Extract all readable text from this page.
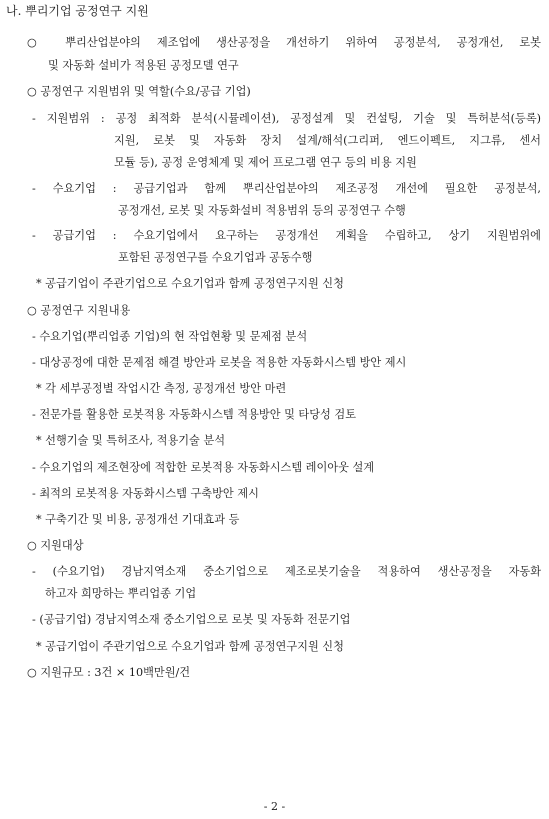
나. 뿌리기업 공정연구 지원
○ 뿌리산업분야의 제조업에 생산공정을 개선하기 위하여 공정분석, 공정개선, 로봇
및 자동화 설비가 적용된 공정모델 연구
○ 공정연구 지원범위 및 역할(수요/공급 기업)
- 지원범위 : 공정 최적화 분석(시뮬레이션), 공정설계 및 컨설팅, 기술 및 특허분석(등록)
지원, 로봇 및 자동화 장치 설계/해석(그리퍼, 엔드이펙트, 지그류, 센서
모듈 등), 공정 운영체계 및 제어 프로그램 연구 등의 비용 지원
- 수요기업 : 공급기업과 함께 뿌리산업분야의 제조공정 개선에 필요한 공정분석,
공정개선, 로봇 및 자동화설비 적용범위 등의 공정연구 수행
- 공급기업 : 수요기업에서 요구하는 공정개선 계획을 수립하고, 상기 지원범위에
포함된 공정연구를 수요기업과 공동수행
* 공급기업이 주관기업으로 수요기업과 함께 공정연구지원 신청
○ 공정연구 지원내용
- 수요기업(뿌리업종 기업)의 현 작업현황 및 문제점 분석
- 대상공정에 대한 문제점 해결 방안과 로봇을 적용한 자동화시스템 방안 제시
* 각 세부공정별 작업시간 측정, 공정개선 방안 마련
- 전문가를 활용한 로봇적용 자동화시스템 적용방안 및 타당성 검토
* 선행기술 및 특허조사, 적용기술 분석
- 수요기업의 제조현장에 적합한 로봇적용 자동화시스템 레이아웃 설계
- 최적의 로봇적용 자동화시스템 구축방안 제시
* 구축기간 및 비용, 공정개선 기대효과 등
○ 지원대상
- (수요기업) 경남지역소재 중소기업으로 제조로봇기술을 적용하여 생산공정을 자동화
하고자 희망하는 뿌리업종 기업
- (공급기업) 경남지역소재 중소기업으로 로봇 및 자동화 전문기업
* 공급기업이 주관기업으로 수요기업과 함께 공정연구지원 신청
○ 지원규모 : 3건 × 10백만원/건
- 2 -
